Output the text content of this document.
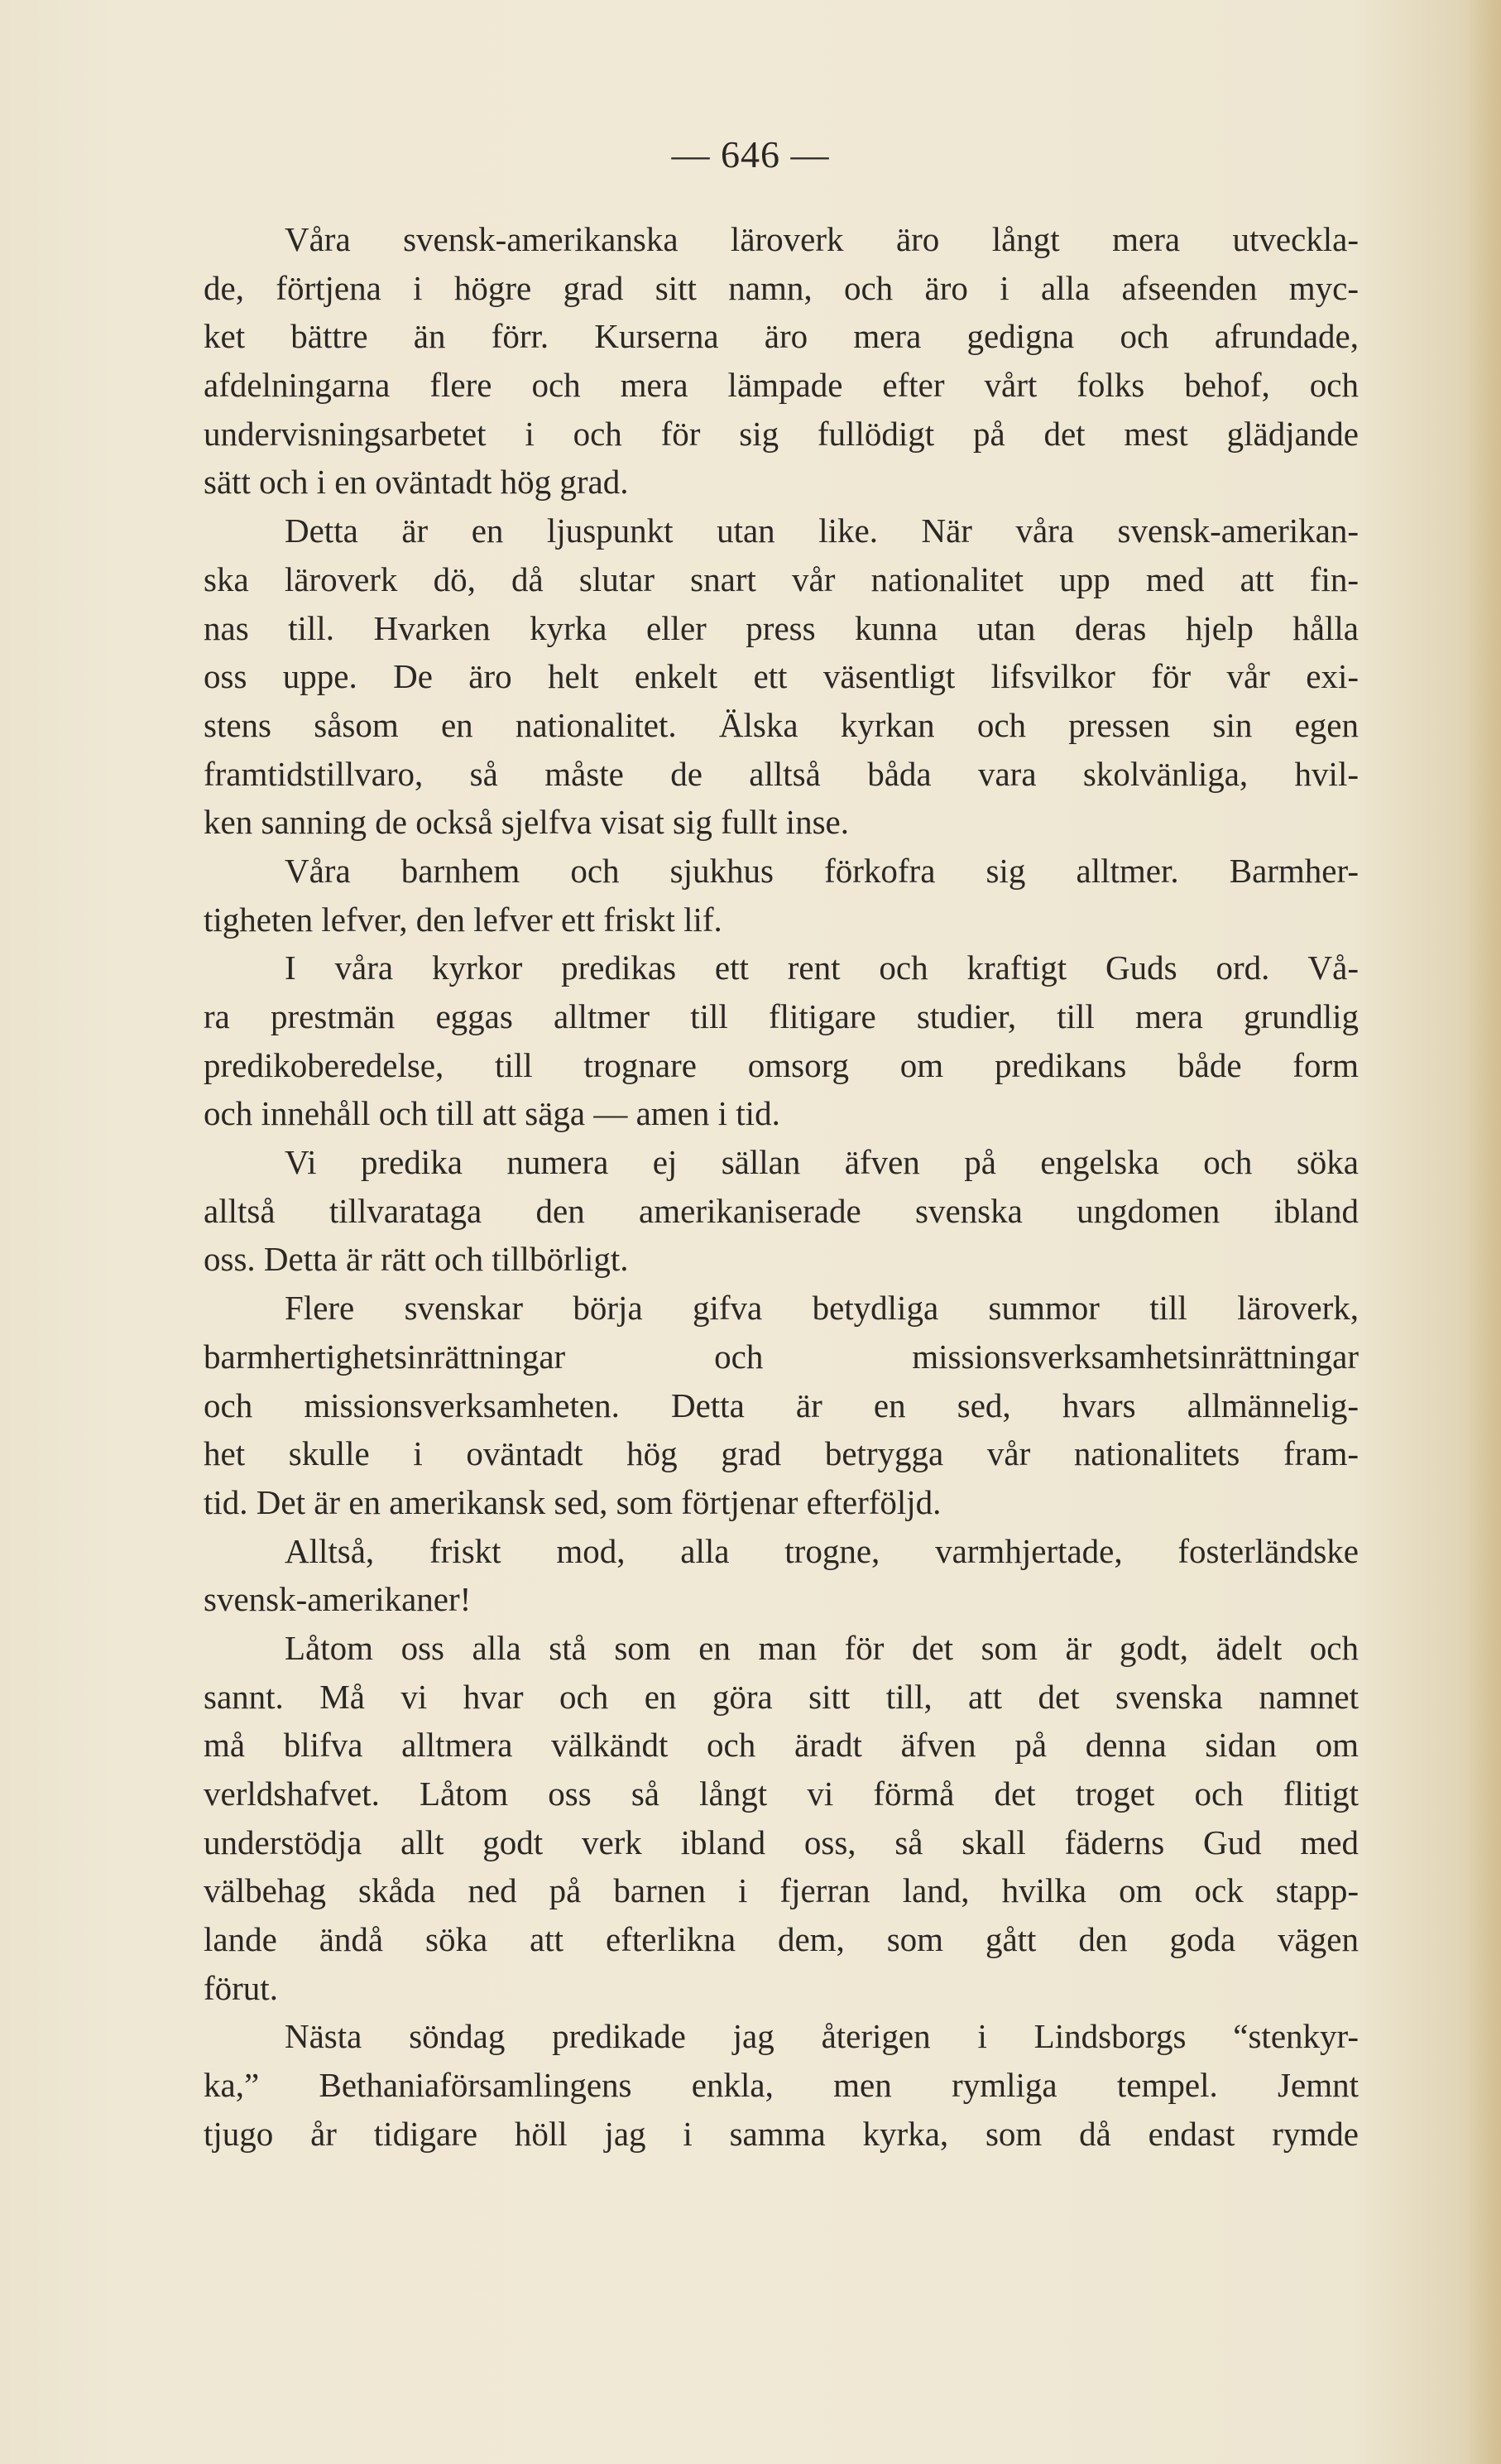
— 646 —
Våra svensk-amerikanska läroverk äro långt mera utveckla-
de, förtjena i högre grad sitt namn, och äro i alla afseenden myc-
ket bättre än förr. Kurserna äro mera gedigna och afrundade,
afdelningarna flere och mera lämpade efter vårt folks behof, och
undervisningsarbetet i och för sig fullödigt på det mest glädjande
sätt och i en oväntadt hög grad.
Detta är en ljuspunkt utan like. När våra svensk-amerikan-
ska läroverk dö, då slutar snart vår nationalitet upp med att fin-
nas till. Hvarken kyrka eller press kunna utan deras hjelp hålla
oss uppe. De äro helt enkelt ett väsentligt lifsvilkor för vår exi-
stens såsom en nationalitet. Älska kyrkan och pressen sin egen
framtidstillvaro, så måste de alltså båda vara skolvänliga, hvil-
ken sanning de också sjelfva visat sig fullt inse.
Våra barnhem och sjukhus förkofra sig alltmer. Barmher-
tigheten lefver, den lefver ett friskt lif.
I våra kyrkor predikas ett rent och kraftigt Guds ord. Vå-
ra prestmän eggas alltmer till flitigare studier, till mera grundlig
predikoberedelse, till trognare omsorg om predikans både form
och innehåll och till att säga — amen i tid.
Vi predika numera ej sällan äfven på engelska och söka
alltså tillvaratagа den amerikaniserade svenska ungdomen ibland
oss. Detta är rätt och tillbörligt.
Flere svenskar börja gifva betydliga summor till läroverk,
barmhertighetsinrättningar och missionsverksamhetsinrättningar
och missionsverksamheten. Detta är en sed, hvars allmännelig-
het skulle i oväntadt hög grad betrygga vår nationalitets fram-
tid. Det är en amerikansk sed, som förtjenar efterföljd.
Alltså, friskt mod, alla trogne, varmhjertade, fosterländske
svensk-amerikaner!
Låtom oss alla stå som en man för det som är godt, ädelt och
sannt. Må vi hvar och en göra sitt till, att det svenska namnet
må blifva alltmera välkändt och äradt äfven på denna sidan om
verldshafvet. Låtom oss så långt vi förmå det troget och flitigt
understödja allt godt verk ibland oss, så skall fäderns Gud med
välbehag skåda ned på barnen i fjerran land, hvilka om ock stapp-
lande ändå söka att efterlikna dem, som gått den goda vägen
förut.
Nästa söndag predikade jag återigen i Lindsborgs “stenkyr-
ka,” Bethaniaförsamlingens enkla, men rymliga tempel. Jemnt
tjugo år tidigare höll jag i samma kyrka, som då endast rymde
